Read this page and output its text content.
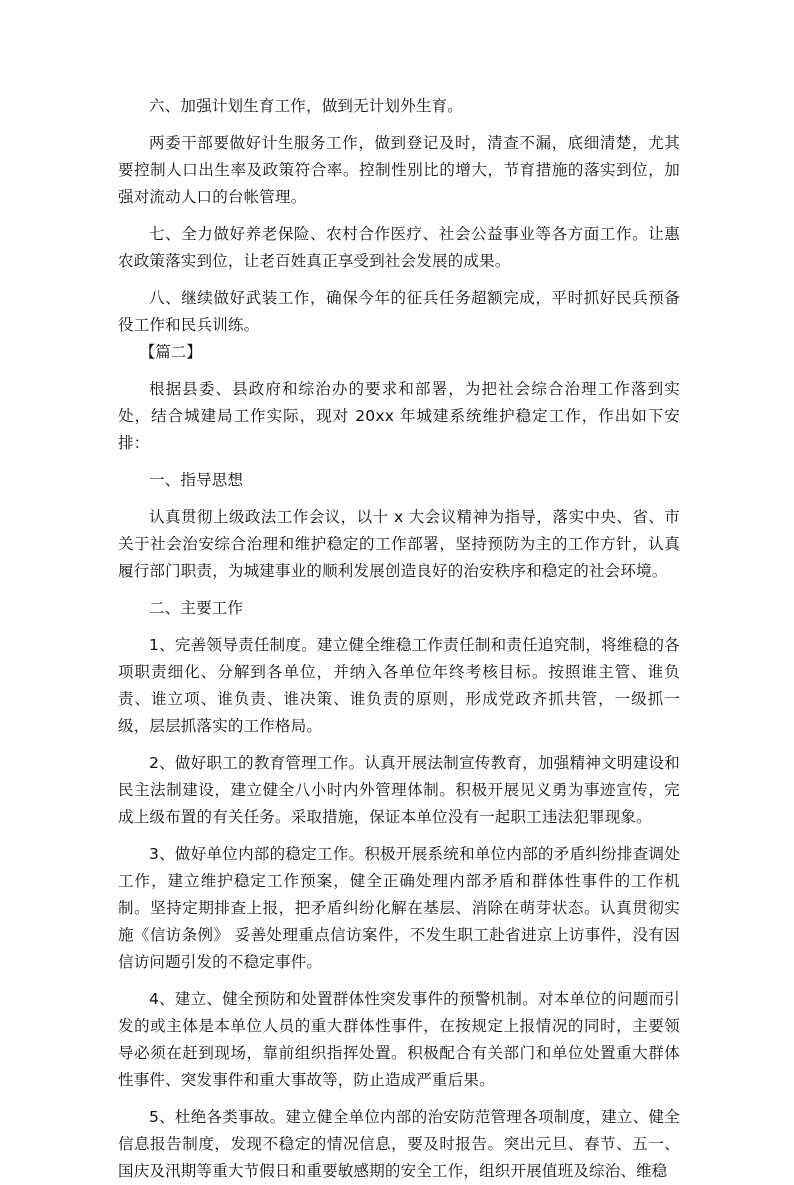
六、加强计划生育工作，做到无计划外生育。

两委干部要做好计生服务工作，做到登记及时，清查不漏，底细清楚，尤其要控制人口出生率及政策符合率。控制性别比的增大，节育措施的落实到位，加强对流动人口的台帐管理。

七、全力做好养老保险、农村合作医疗、社会公益事业等各方面工作。让惠农政策落实到位，让老百姓真正享受到社会发展的成果。

八、继续做好武装工作，确保今年的征兵任务超额完成，平时抓好民兵预备役工作和民兵训练。

【篇二】

根据县委、县政府和综治办的要求和部署，为把社会综合治理工作落到实处，结合城建局工作实际，现对 20xx 年城建系统维护稳定工作，作出如下安排：

一、指导思想

认真贯彻上级政法工作会议，以十 x 大会议精神为指导，落实中央、省、市关于社会治安综合治理和维护稳定的工作部署，坚持预防为主的工作方针，认真履行部门职责，为城建事业的顺利发展创造良好的治安秩序和稳定的社会环境。

二、主要工作

1、完善领导责任制度。建立健全维稳工作责任制和责任追究制，将维稳的各项职责细化、分解到各单位，并纳入各单位年终考核目标。按照谁主管、谁负责、谁立项、谁负责、谁决策、谁负责的原则，形成党政齐抓共管，一级抓一级，层层抓落实的工作格局。

2、做好职工的教育管理工作。认真开展法制宣传教育，加强精神文明建设和民主法制建设，建立健全八小时内外管理体制。积极开展见义勇为事迹宣传，完成上级布置的有关任务。采取措施，保证本单位没有一起职工违法犯罪现象。

3、做好单位内部的稳定工作。积极开展系统和单位内部的矛盾纠纷排查调处工作，建立维护稳定工作预案，健全正确处理内部矛盾和群体性事件的工作机制。坚持定期排查上报，把矛盾纠纷化解在基层、消除在萌芽状态。认真贯彻实施《信访条例》 妥善处理重点信访案件，不发生职工赴省进京上访事件，没有因信访问题引发的不稳定事件。

4、建立、健全预防和处置群体性突发事件的预警机制。对本单位的问题而引发的或主体是本单位人员的重大群体性事件，在按规定上报情况的同时，主要领导必须在赶到现场，靠前组织指挥处置。积极配合有关部门和单位处置重大群体性事件、突发事件和重大事故等，防止造成严重后果。

5、杜绝各类事故。建立健全单位内部的治安防范管理各项制度，建立、健全信息报告制度，发现不稳定的情况信息，要及时报告。突出元旦、春节、五一、国庆及汛期等重大节假日和重要敏感期的安全工作，组织开展值班及综治、维稳
